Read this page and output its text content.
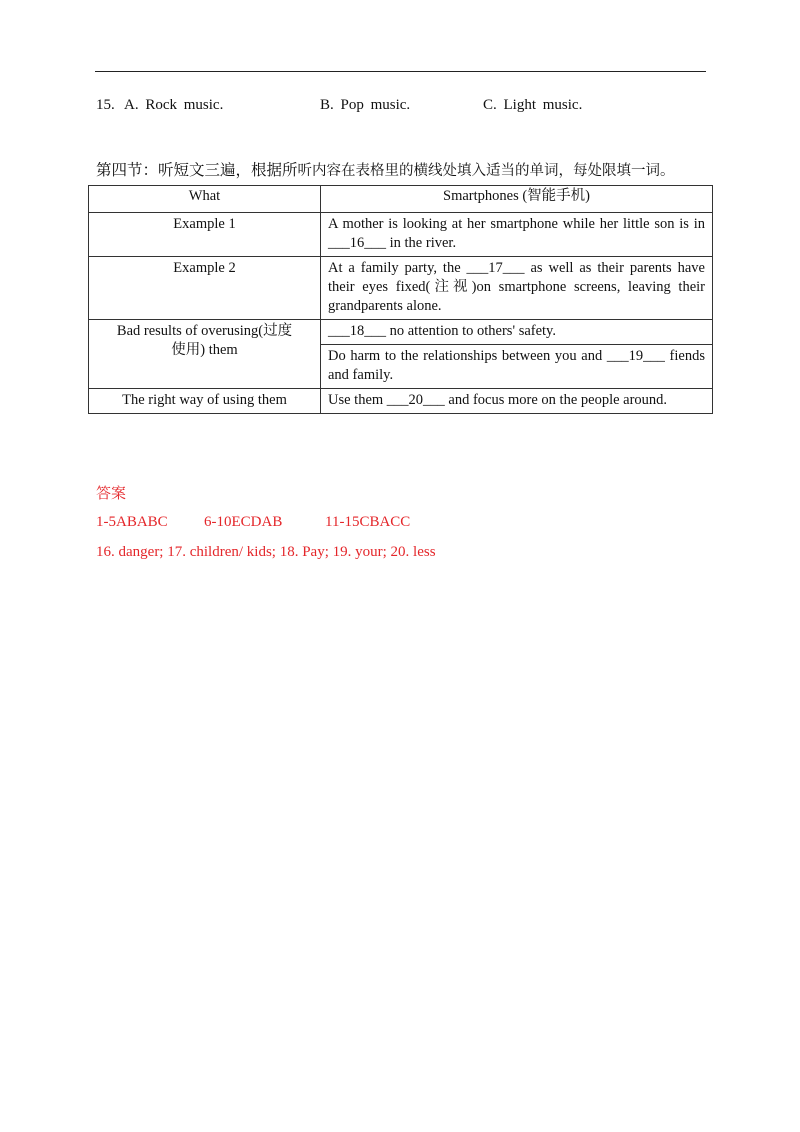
15. A. Rock music.	B. Pop music.	C. Light music.
第四节：听短文三遍，根据所听内容在表格里的横线处填入适当的单词，每处限填一词。
What	Smartphones (智能手机)
Example 1	A mother is looking at her smartphone while her little son is in ___16___ in the river.
Example 2	At a family party, the ___17___ as well as their parents have their eyes fixed(注视)on smartphone screens, leaving their grandparents alone.
Bad results of overusing(过度
使用) them	___18___ no attention to others' safety.
	Do harm to the relationships between you and ___19___ fiends and family.
The right way of using them	Use them ___20___ and focus more on the people around.
答案
1-5ABABC 6-10ECDAB	11-15CBACC
16. danger; 17. children/ kids; 18. Pay; 19. your; 20. less
